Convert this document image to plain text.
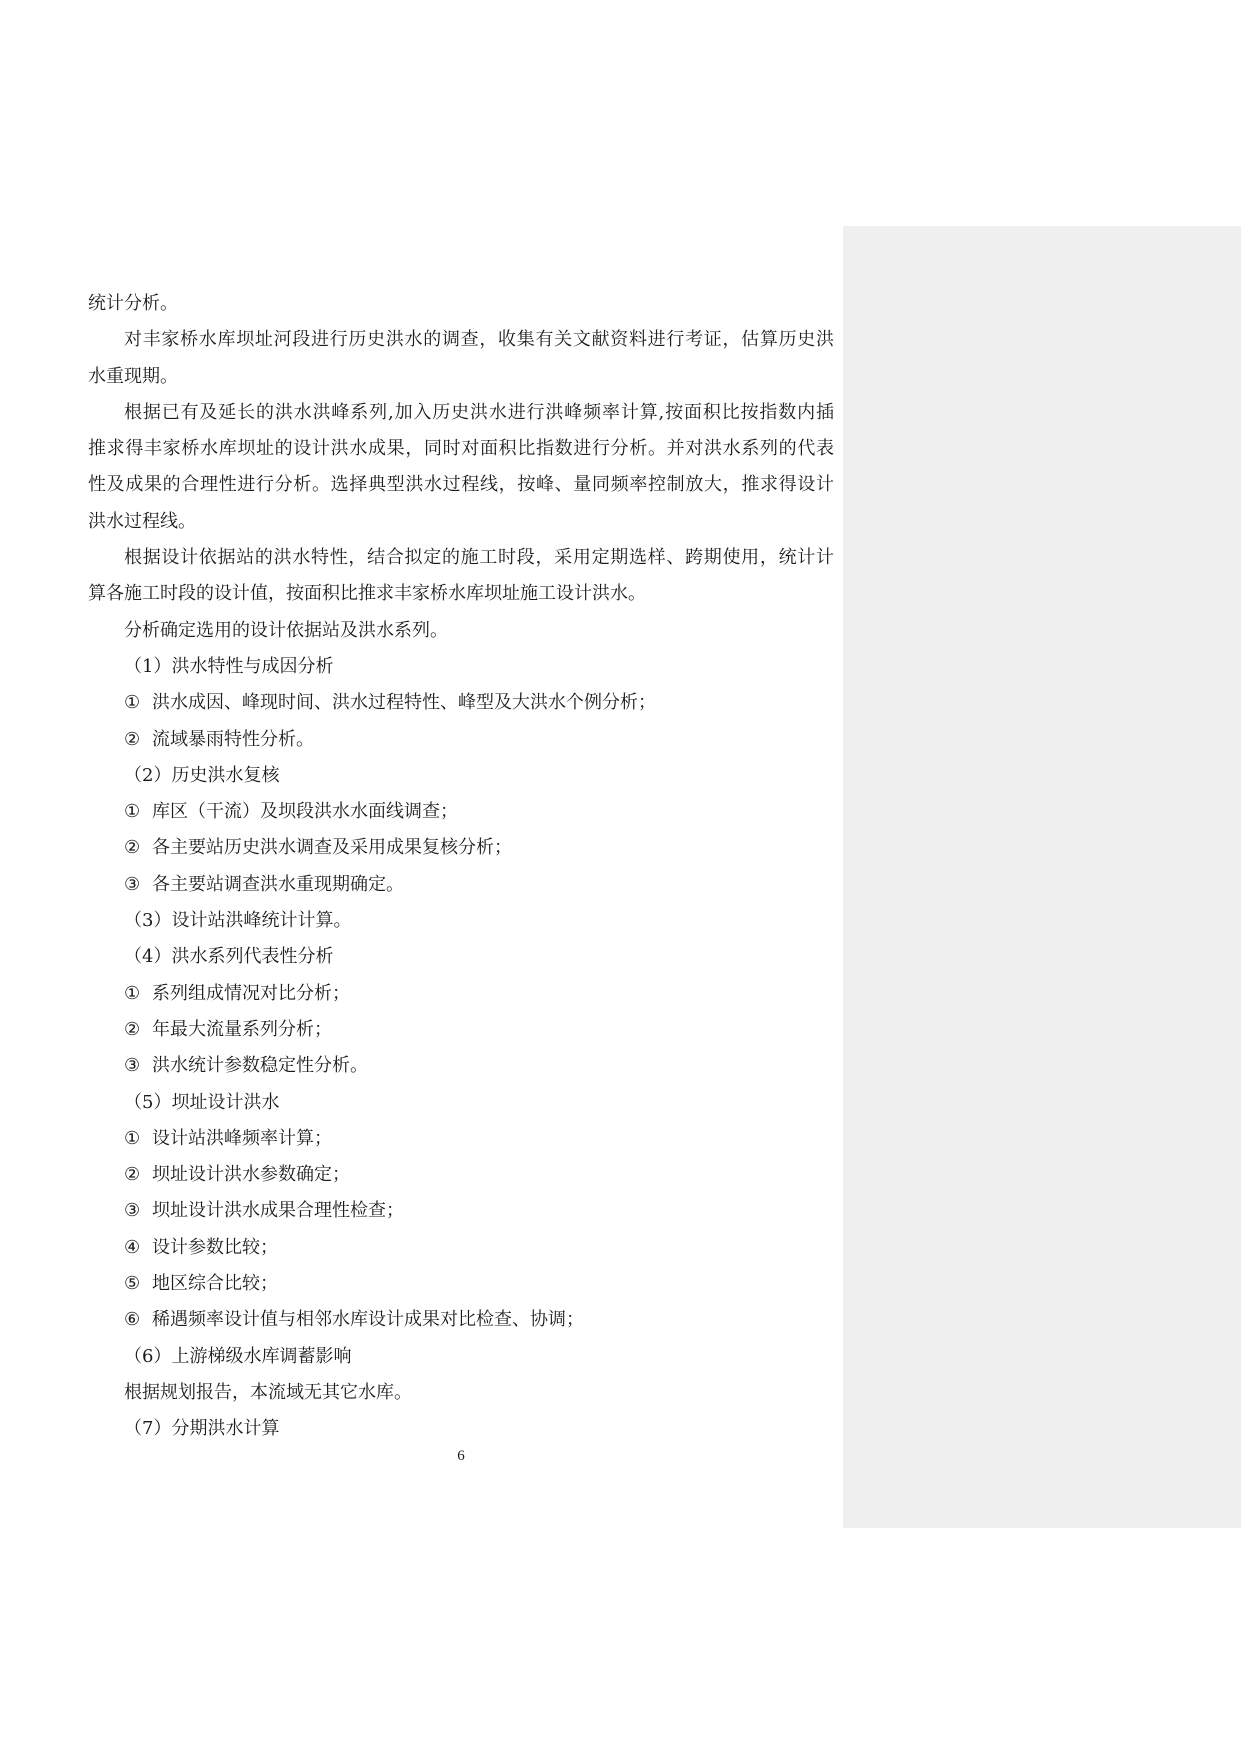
统计分析。
对丰家桥水库坝址河段进行历史洪水的调查，收集有关文献资料进行考证，估算历史洪
水重现期。
根据已有及延长的洪水洪峰系列,加入历史洪水进行洪峰频率计算,按面积比按指数内插
推求得丰家桥水库坝址的设计洪水成果，同时对面积比指数进行分析。并对洪水系列的代表
性及成果的合理性进行分析。选择典型洪水过程线，按峰、量同频率控制放大，推求得设计
洪水过程线。
根据设计依据站的洪水特性，结合拟定的施工时段，采用定期选样、跨期使用，统计计
算各施工时段的设计值，按面积比推求丰家桥水库坝址施工设计洪水。
分析确定选用的设计依据站及洪水系列。
（1）洪水特性与成因分析
① 洪水成因、峰现时间、洪水过程特性、峰型及大洪水个例分析；
② 流域暴雨特性分析。
（2）历史洪水复核
① 库区（干流）及坝段洪水水面线调查；
② 各主要站历史洪水调查及采用成果复核分析；
③ 各主要站调查洪水重现期确定。
（3）设计站洪峰统计计算。
（4）洪水系列代表性分析
① 系列组成情况对比分析；
② 年最大流量系列分析；
③ 洪水统计参数稳定性分析。
（5）坝址设计洪水
① 设计站洪峰频率计算；
② 坝址设计洪水参数确定；
③ 坝址设计洪水成果合理性检查；
④ 设计参数比较；
⑤ 地区综合比较；
⑥ 稀遇频率设计值与相邻水库设计成果对比检查、协调；
（6）上游梯级水库调蓄影响
根据规划报告，本流域无其它水库。
（7）分期洪水计算
6
